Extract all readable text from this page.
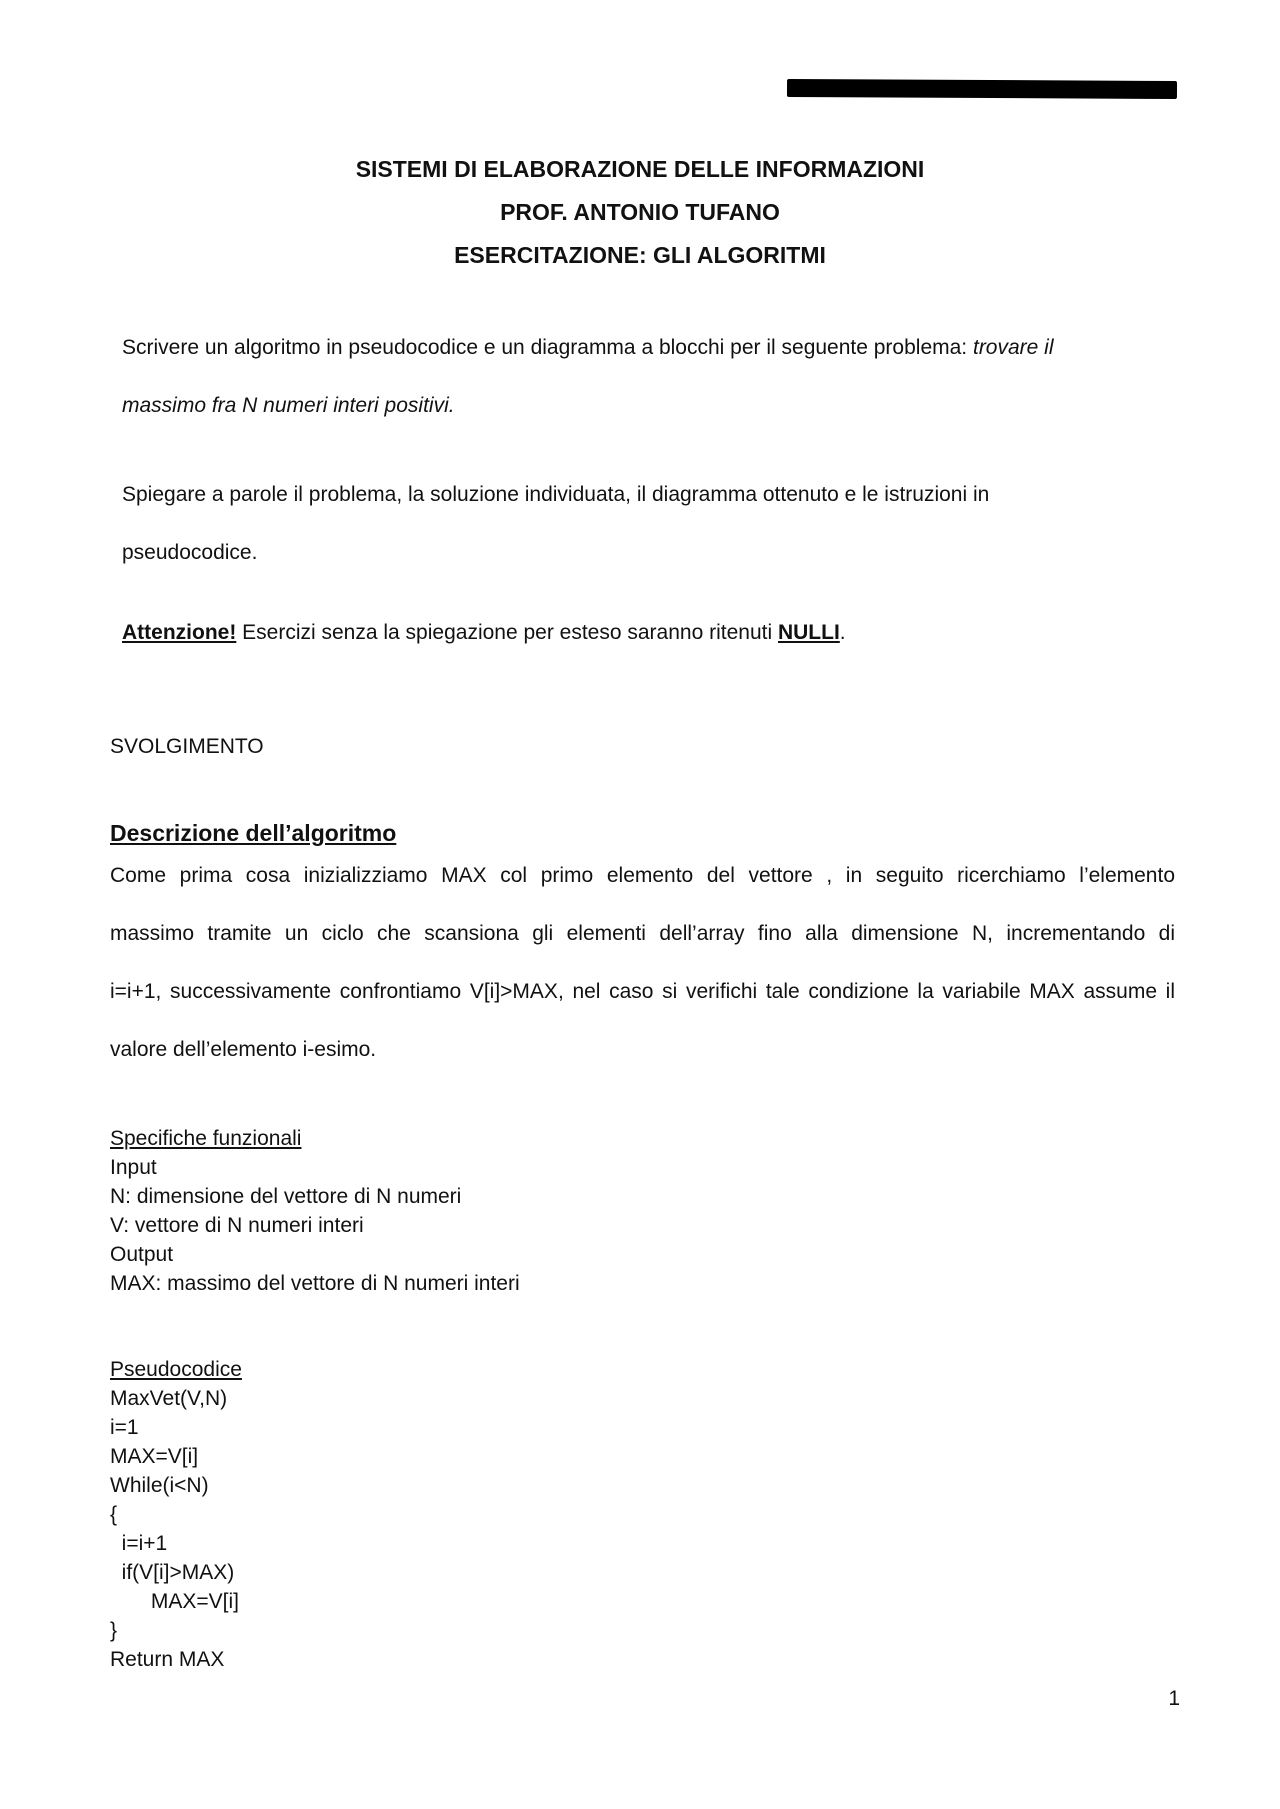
SISTEMI DI ELABORAZIONE DELLE INFORMAZIONI
PROF. ANTONIO TUFANO
ESERCITAZIONE: GLI ALGORITMI
Scrivere un algoritmo in pseudocodice e un diagramma a blocchi per il seguente problema: trovare il
massimo fra N numeri interi positivi.
Spiegare a parole il problema, la soluzione individuata, il diagramma ottenuto e le istruzioni in
pseudocodice.
Attenzione! Esercizi senza la spiegazione per esteso saranno ritenuti NULLI.
SVOLGIMENTO
Descrizione dell’algoritmo
Come prima cosa inizializziamo MAX col primo elemento del vettore , in seguito ricerchiamo l’elemento
massimo tramite un ciclo che scansiona gli elementi dell’array fino alla dimensione N, incrementando di
i=i+1, successivamente confrontiamo V[i]>MAX, nel caso si verifichi tale condizione la variabile MAX assume il
valore dell’elemento i-esimo.
Specifiche funzionali
Input
N: dimensione del vettore di N numeri
V: vettore di N numeri interi
Output
MAX: massimo del vettore di N numeri interi
Pseudocodice
MaxVet(V,N)
i=1
MAX=V[i]
While(i<N)
{
i=i+1
if(V[i]>MAX)
MAX=V[i]
}
Return MAX
1
